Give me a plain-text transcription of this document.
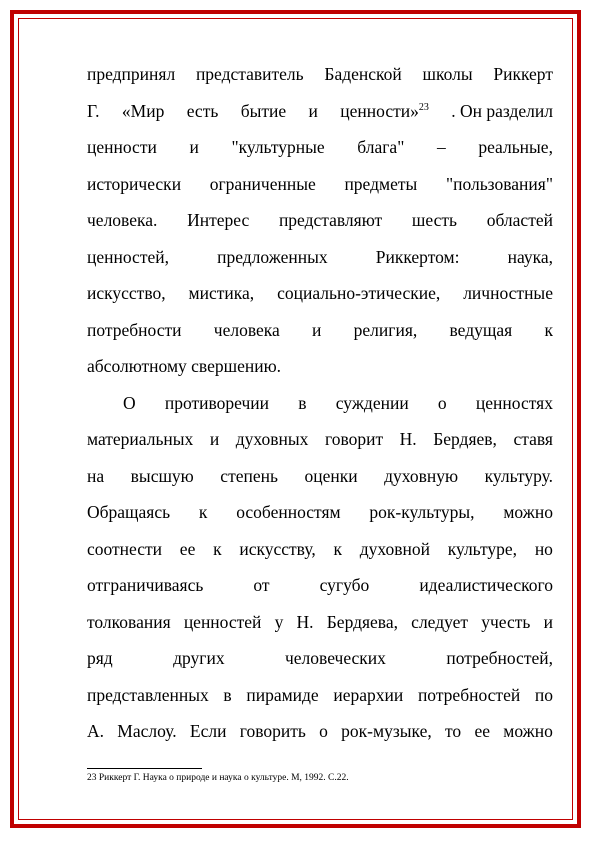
предпринял представитель Баденской школы Риккерт
Г. «Мир есть бытие и ценности»$^{23}$ . Он разделил
ценности и "культурные блага" – реальные,
исторически ограниченные предметы "пользования"
человека. Интерес представляют шесть областей
ценностей,	предложенных	Риккертом:	наука,
искусство, мистика, социально-этические, личностные
потребности человека и религия, ведущая к
абсолютному свершению.
О противоречии в суждении о ценностях
материальных и духовных говорит Н. Бердяев, ставя
на высшую степень оценки духовную культуру.
Обращаясь к особенностям рок-культуры, можно
соотнести ее к искусству, к духовной культуре, но
отграничиваясь	от	сугубо	идеалистического
толкования ценностей у Н. Бердяева, следует учесть и
ряд	других	человеческих	потребностей,
представленных в пирамиде иерархии потребностей по
А. Маслоу. Если говорить о рок-музыке, то ее можно
23 Риккерт Г. Наука о природе и наука о культуре. М, 1992. С.22.
